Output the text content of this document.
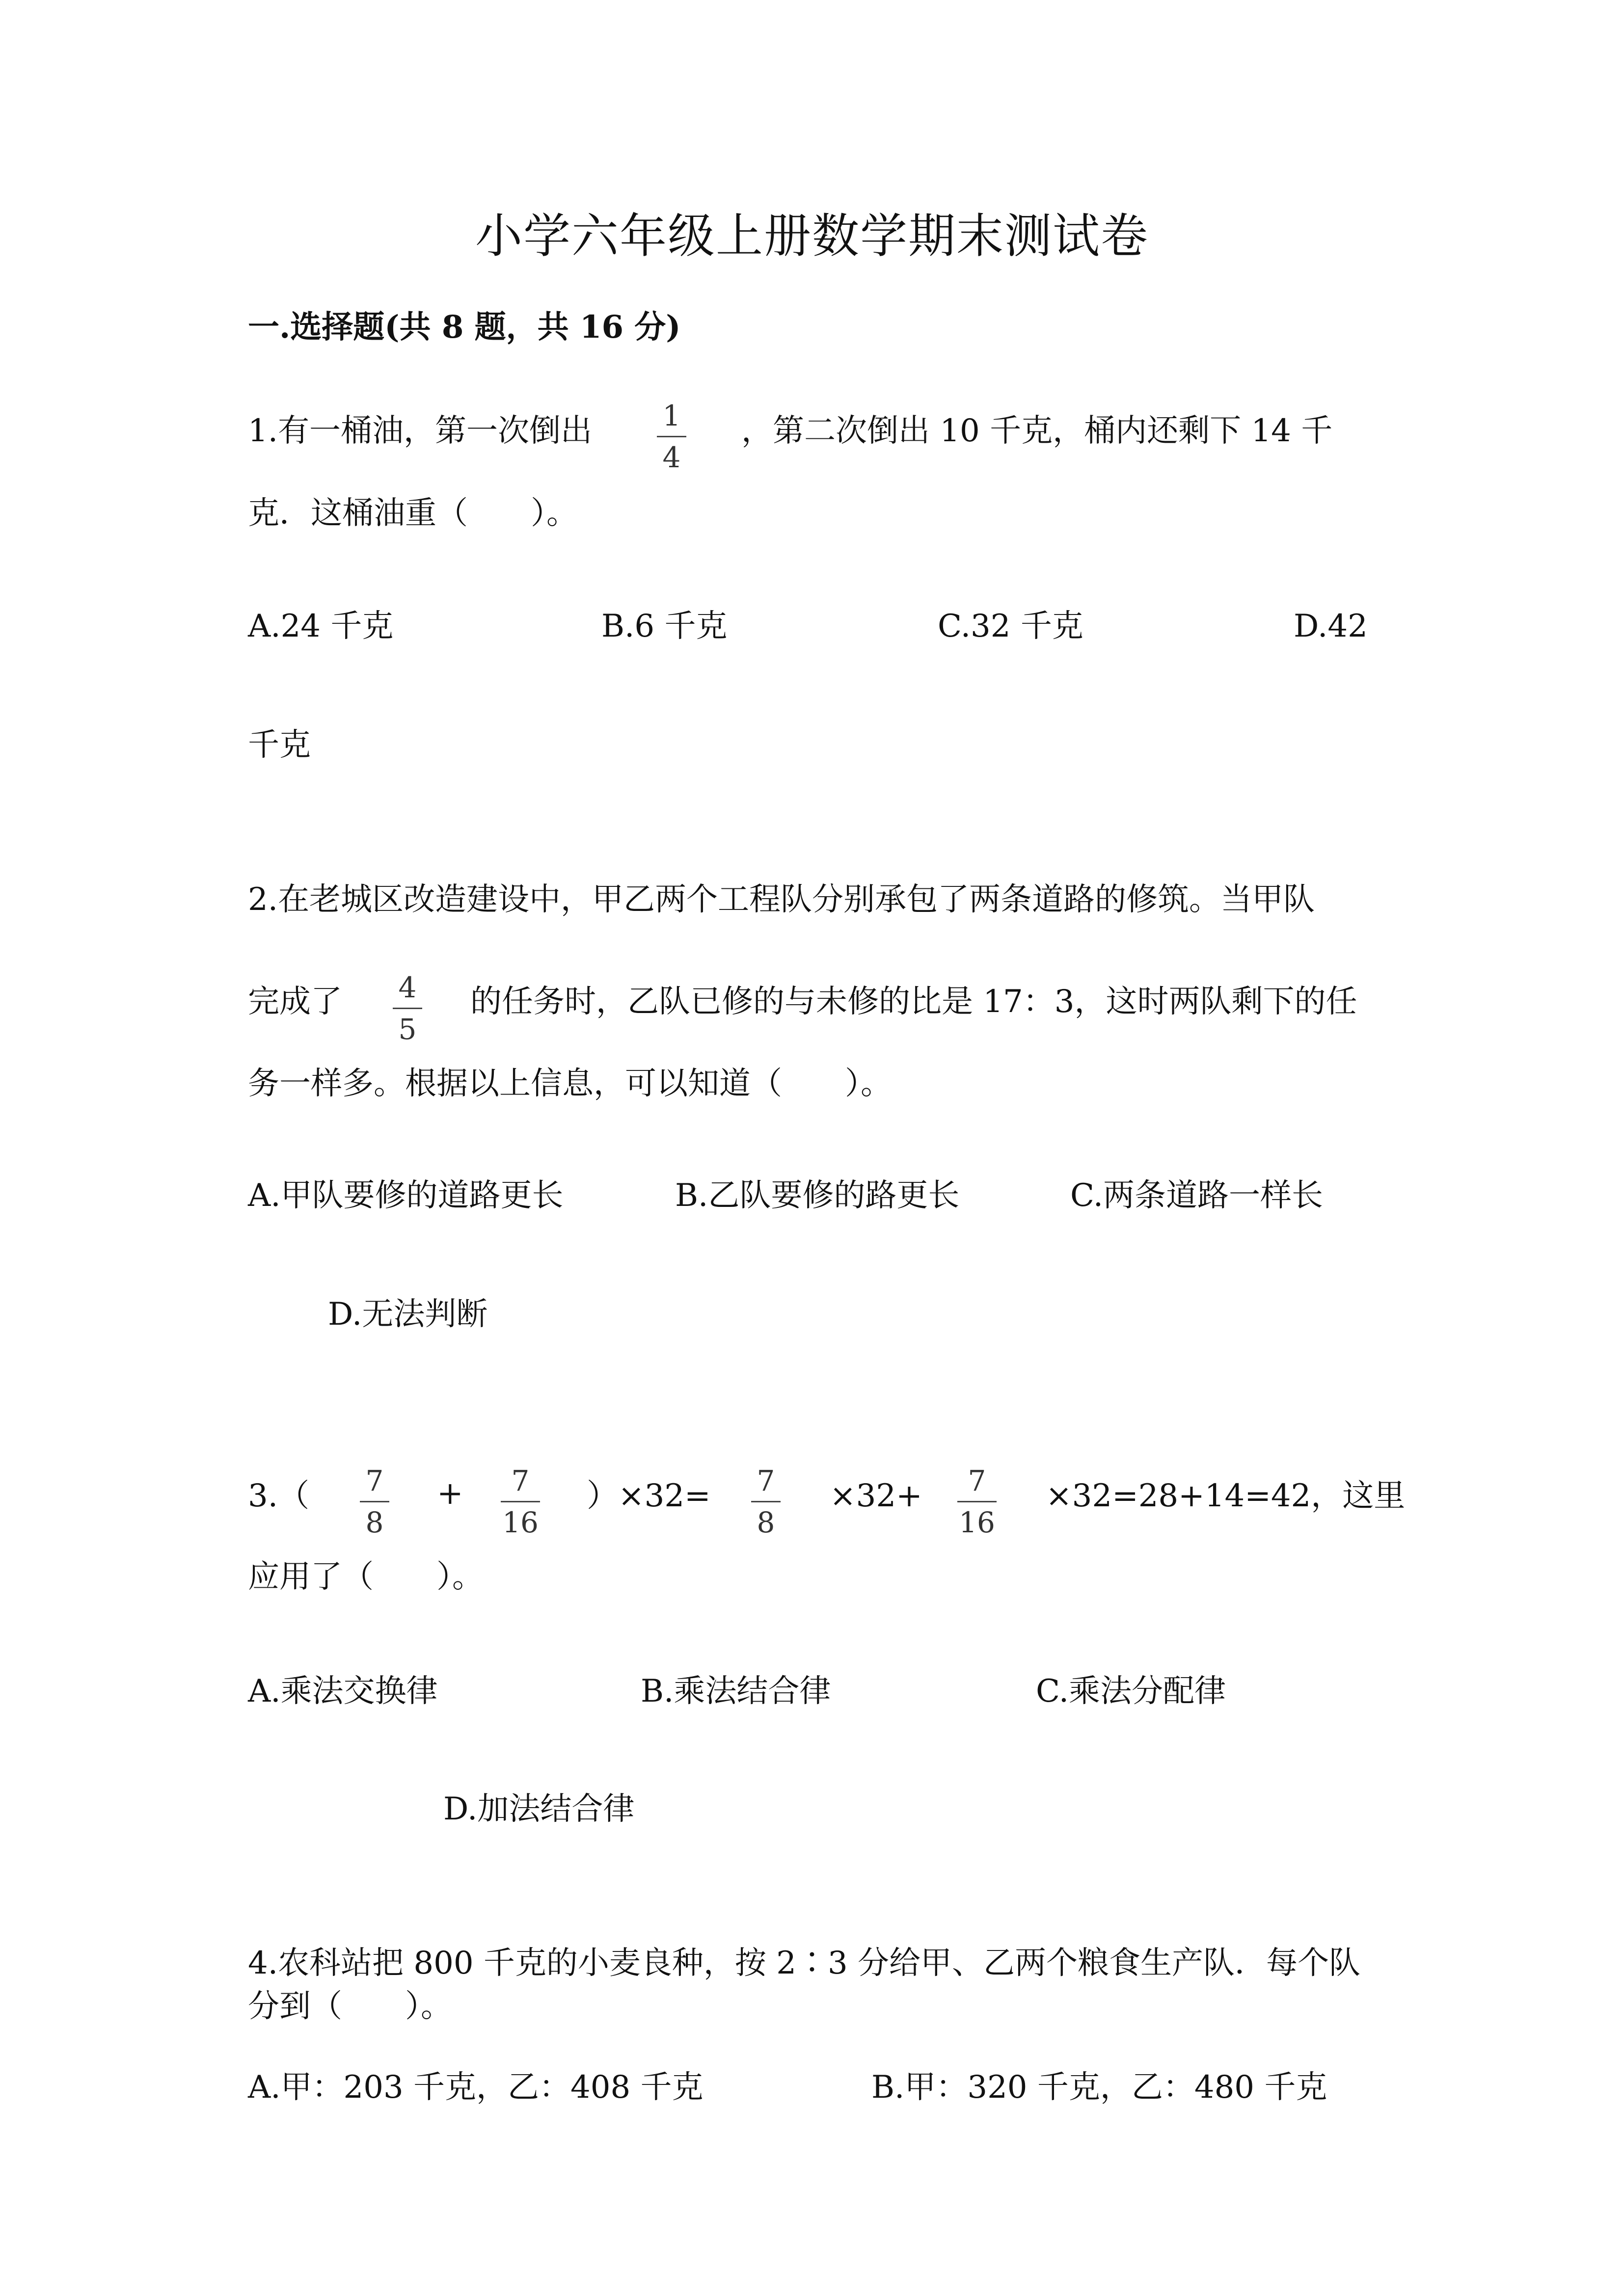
小学六年级上册数学期末测试卷
一.选择题(共 8 题，共 16 分)
1.有一桶油，第一次倒出 1
4
，第二次倒出 10 千克，桶内还剩下 14 千
克．这桶油重（　　）。
A.24 千克	B.6 千克	C.32 千克	D.42
千克
2.在老城区改造建设中，甲乙两个工程队分别承包了两条道路的修筑。当甲队
完成了 4
5
的任务时，乙队已修的与未修的比是 17：3，这时两队剩下的任
务一样多。根据以上信息，可以知道（　　）。
A.甲队要修的道路更长	B.乙队要修的路更长	C.两条道路一样长
D.无法判断
3.（ 7
8
+	7
16
）×32= 7
8
×32+	7
16
×32=28+14=42，这里
应用了（　　）。
A.乘法交换律	B.乘法结合律	C.乘法分配律
D.加法结合律
4.农科站把 800 千克的小麦良种，按 2∶3 分给甲、乙两个粮食生产队．每个队
分到（　　）。
A.甲：203 千克，乙：408 千克	B.甲：320 千克，乙：480 千克
